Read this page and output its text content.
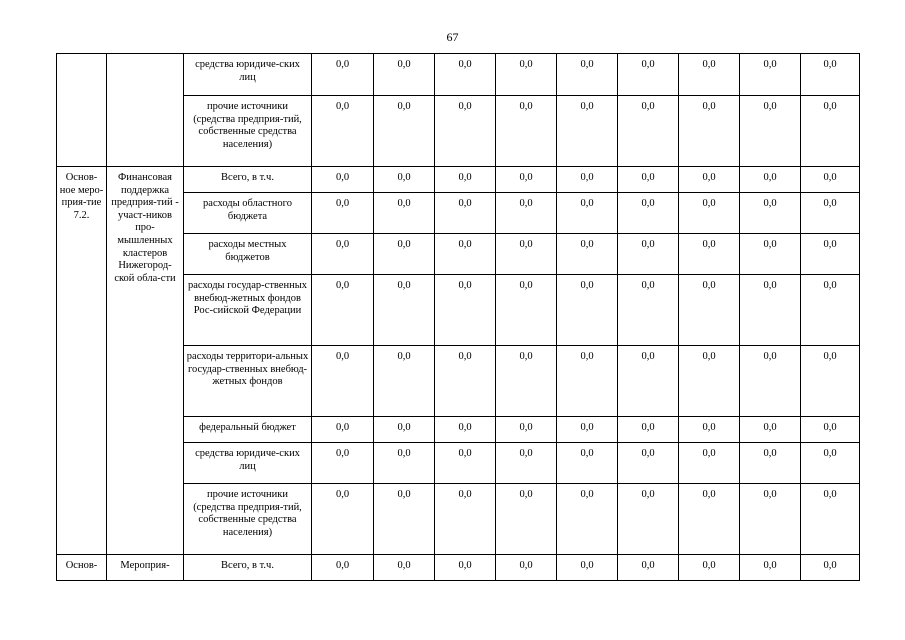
67
		средства юридиче-ских лиц	0,0	0,0	0,0	0,0	0,0	0,0	0,0	0,0	0,0
		прочие источники (средства предприя-тий, собственные средства населения)	0,0	0,0	0,0	0,0	0,0	0,0	0,0	0,0	0,0
Основ-ное меро-прия-тие 7.2.	Финансовая поддержка предприя-тий - участ-ников про-мышленных кластеров Нижегород-ской обла-сти	Всего, в т.ч.	0,0	0,0	0,0	0,0	0,0	0,0	0,0	0,0	0,0
		расходы областного бюджета	0,0	0,0	0,0	0,0	0,0	0,0	0,0	0,0	0,0
		расходы местных бюджетов	0,0	0,0	0,0	0,0	0,0	0,0	0,0	0,0	0,0
		расходы государ-ственных внебюд-жетных фондов Рос-сийской Федерации	0,0	0,0	0,0	0,0	0,0	0,0	0,0	0,0	0,0
		расходы территори-альных государ-ственных внебюд-жетных фондов	0,0	0,0	0,0	0,0	0,0	0,0	0,0	0,0	0,0
		федеральный бюджет	0,0	0,0	0,0	0,0	0,0	0,0	0,0	0,0	0,0
		средства юридиче-ских лиц	0,0	0,0	0,0	0,0	0,0	0,0	0,0	0,0	0,0
		прочие источники (средства предприя-тий, собственные средства населения)	0,0	0,0	0,0	0,0	0,0	0,0	0,0	0,0	0,0
Основ-	Мероприя-	Всего, в т.ч.	0,0	0,0	0,0	0,0	0,0	0,0	0,0	0,0	0,0
